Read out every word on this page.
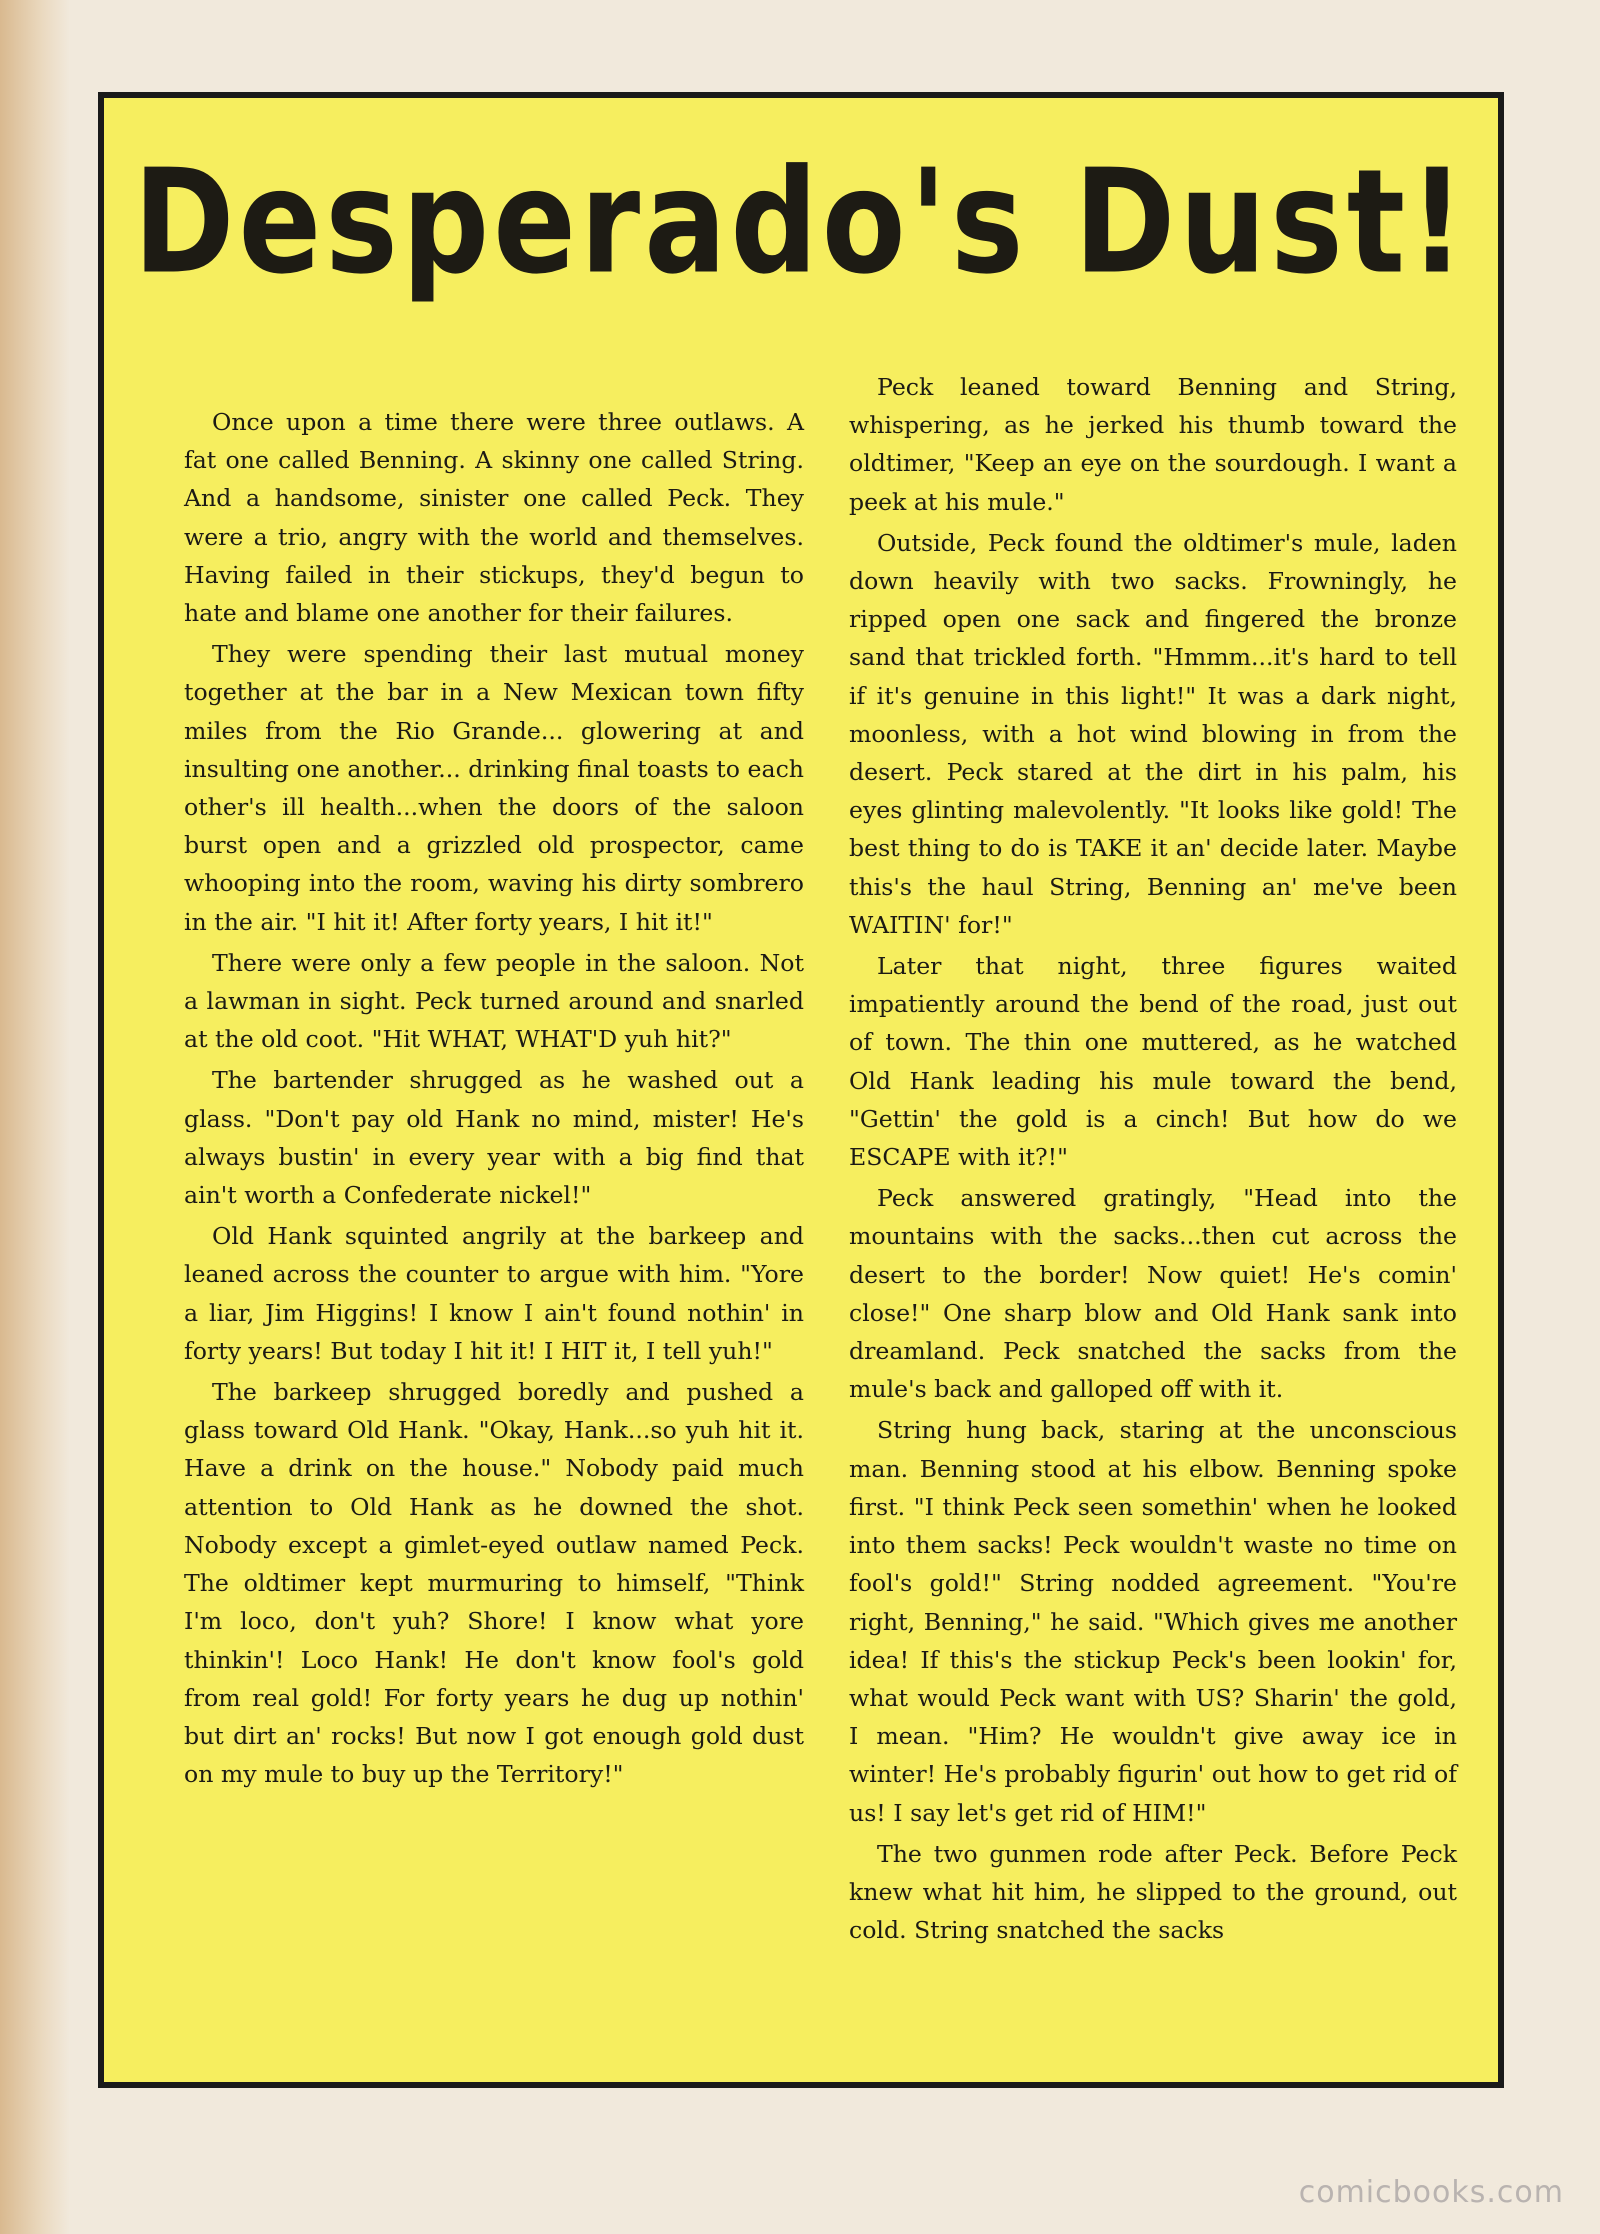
Desperado's Dust!

Once upon a time there were three outlaws. A fat one called Benning. A skinny one called String. And a handsome, sinister one called Peck. They were a trio, angry with the world and themselves. Having failed in their stickups, they'd begun to hate and blame one another for their failures.

They were spending their last mutual money together at the bar in a New Mexican town fifty miles from the Rio Grande... glowering at and insulting one another... drinking final toasts to each other's ill health...when the doors of the saloon burst open and a grizzled old prospector, came whooping into the room, waving his dirty sombrero in the air. "I hit it! After forty years, I hit it!"

There were only a few people in the saloon. Not a lawman in sight. Peck turned around and snarled at the old coot. "Hit WHAT, WHAT'D yuh hit?"

The bartender shrugged as he washed out a glass. "Don't pay old Hank no mind, mister! He's always bustin' in every year with a big find that ain't worth a Confederate nickel!"

Old Hank squinted angrily at the barkeep and leaned across the counter to argue with him. "Yore a liar, Jim Higgins! I know I ain't found nothin' in forty years! But today I hit it! I HIT it, I tell yuh!"

The barkeep shrugged boredly and pushed a glass toward Old Hank. "Okay, Hank...so yuh hit it. Have a drink on the house." Nobody paid much attention to Old Hank as he downed the shot. Nobody except a gimlet-eyed outlaw named Peck. The oldtimer kept murmuring to himself, "Think I'm loco, don't yuh? Shore! I know what yore thinkin'! Loco Hank! He don't know fool's gold from real gold! For forty years he dug up nothin' but dirt an' rocks! But now I got enough gold dust on my mule to buy up the Territory!"

Peck leaned toward Benning and String, whispering, as he jerked his thumb toward the oldtimer, "Keep an eye on the sourdough. I want a peek at his mule."

Outside, Peck found the oldtimer's mule, laden down heavily with two sacks. Frowningly, he ripped open one sack and fingered the bronze sand that trickled forth. "Hmmm...it's hard to tell if it's genuine in this light!" It was a dark night, moonless, with a hot wind blowing in from the desert. Peck stared at the dirt in his palm, his eyes glinting malevolently. "It looks like gold! The best thing to do is TAKE it an' decide later. Maybe this's the haul String, Benning an' me've been WAITIN' for!"

Later that night, three figures waited impatiently around the bend of the road, just out of town. The thin one muttered, as he watched Old Hank leading his mule toward the bend, "Gettin' the gold is a cinch! But how do we ESCAPE with it?!"

Peck answered gratingly, "Head into the mountains with the sacks...then cut across the desert to the border! Now quiet! He's comin' close!" One sharp blow and Old Hank sank into dreamland. Peck snatched the sacks from the mule's back and galloped off with it.

String hung back, staring at the unconscious man. Benning stood at his elbow. Benning spoke first. "I think Peck seen somethin' when he looked into them sacks! Peck wouldn't waste no time on fool's gold!" String nodded agreement. "You're right, Benning," he said. "Which gives me another idea! If this's the stickup Peck's been lookin' for, what would Peck want with US? Sharin' the gold, I mean. "Him? He wouldn't give away ice in winter! He's probably figurin' out how to get rid of us! I say let's get rid of HIM!"

The two gunmen rode after Peck. Before Peck knew what hit him, he slipped to the ground, out cold. String snatched the sacks

comicbooks.com
